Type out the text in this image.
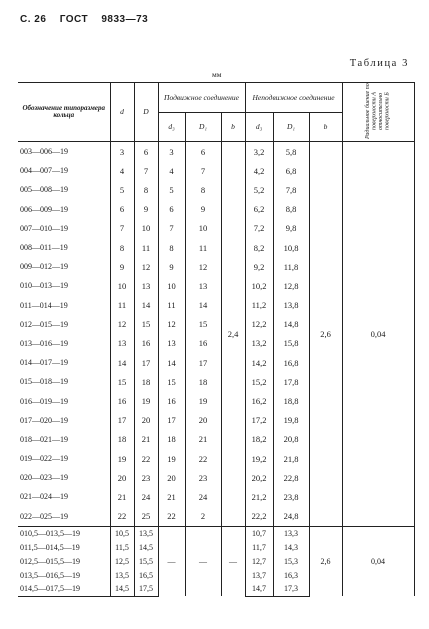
С. 26 ГОСТ 9833—73
Таблица 3
мм
Обозначение типоразмера кольца	d	D	Подвижное соединение			Неподвижное соединение			Радиальное биение по поверхности A относительно поверхности Б
			d₃	D₁	b	d₃	D₁	b	
003—006—19	3	6	3	6	2,4	3,2	5,8	2,6	0,04
004—007—19	4	7	4	7		4,2	6,8		
005—008—19	5	8	5	8		5,2	7,8		
006—009—19	6	9	6	9		6,2	8,8		
007—010—19	7	10	7	10		7,2	9,8		
008—011—19	8	11	8	11		8,2	10,8		
009—012—19	9	12	9	12		9,2	11,8		
010—013—19	10	13	10	13		10,2	12,8		
011—014—19	11	14	11	14		11,2	13,8		
012—015—19	12	15	12	15		12,2	14,8		
013—016—19	13	16	13	16		13,2	15,8		
014—017—19	14	17	14	17		14,2	16,8		
015—018—19	15	18	15	18		15,2	17,8		
016—019—19	16	19	16	19		16,2	18,8		
017—020—19	17	20	17	20		17,2	19,8		
018—021—19	18	21	18	21		18,2	20,8		
019—022—19	19	22	19	22		19,2	21,8		
020—023—19	20	23	20	23		20,2	22,8		
021—024—19	21	24	21	24		21,2	23,8		
022—025—19	22	25	22	2		22,2	24,8		
010,5—013,5—19	10,5	13,5	—	—	—	10,7	13,3	2,6	0,04
011,5—014,5—19	11,5	14,5				11,7	14,3		
012,5—015,5—19	12,5	15,5				12,7	15,3		
013,5—016,5—19	13,5	16,5				13,7	16,3		
014,5—017,5—19	14,5	17,5				14,7	17,3		
